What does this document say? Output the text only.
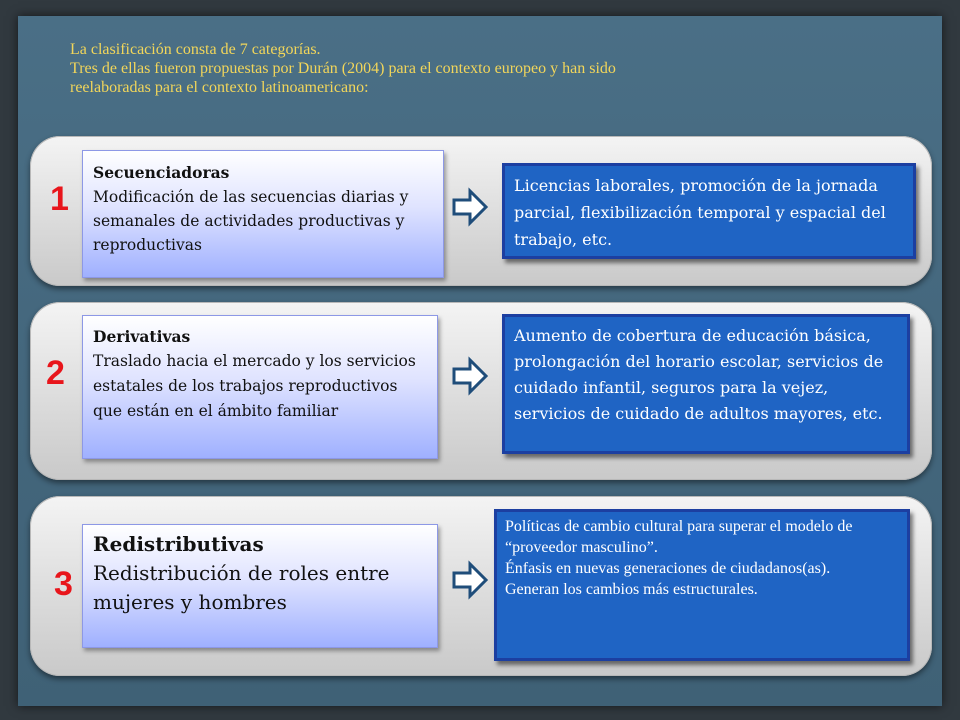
La clasificación consta de 7 categorías.
Tres de ellas fueron propuestas por Durán (2004) para el contexto europeo y han sido
reelaboradas para el contexto latinoamericano:
1
Secuenciadoras
Modificación de las secuencias diarias y semanales de actividades productivas y reproductivas
Licencias laborales, promoción de la jornada parcial, flexibilización temporal y espacial del trabajo, etc.
2
Derivativas
Traslado hacia el mercado y los servicios estatales de los trabajos reproductivos que están en el ámbito familiar
Aumento de cobertura de educación básica, prolongación del horario escolar, servicios de cuidado infantil, seguros para la vejez, servicios de cuidado de adultos mayores, etc.
3
Redistributivas
Redistribución de roles entre mujeres y hombres
Políticas de cambio cultural para superar el modelo de “proveedor masculino”.
Énfasis en nuevas generaciones de ciudadanos(as).
Generan los cambios más estructurales.
